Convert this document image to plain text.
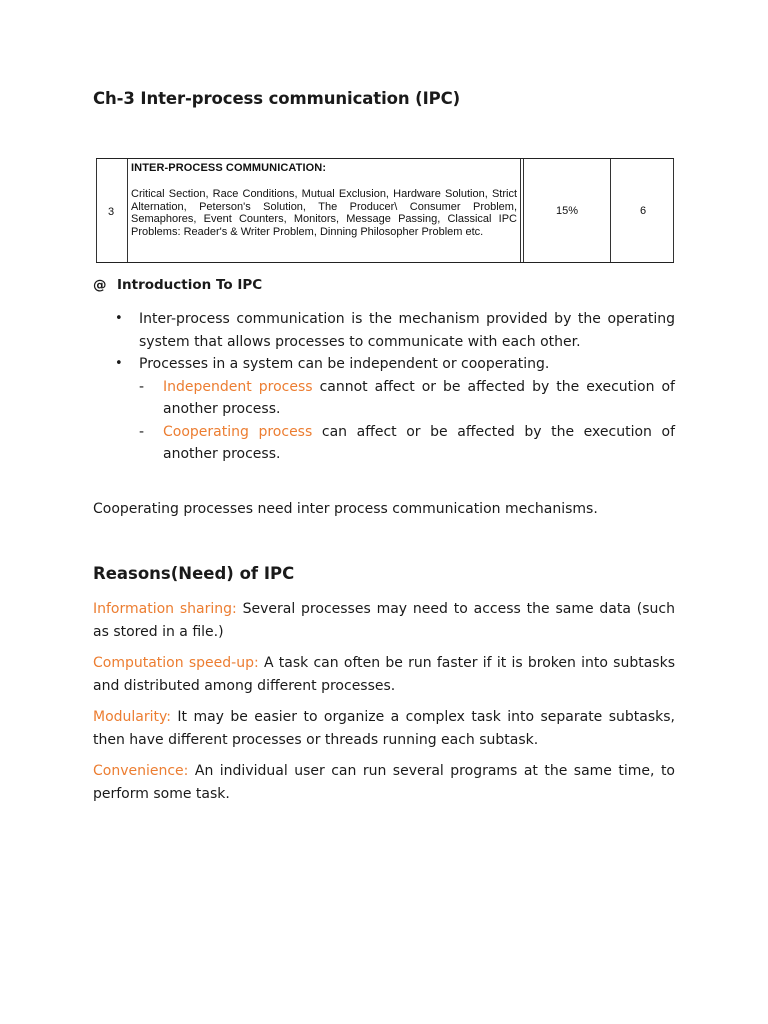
Ch-3 Inter-process communication (IPC)
3
INTER-PROCESS COMMUNICATION:
Critical Section, Race Conditions, Mutual Exclusion, Hardware Solution, Strict Alternation, Peterson's Solution, The Producer\ Consumer Problem, Semaphores, Event Counters, Monitors, Message Passing, Classical IPC Problems: Reader's & Writer Problem, Dinning Philosopher Problem etc.
15%	6
@ Introduction To IPC
• Inter-process communication is the mechanism provided by the operating system that allows processes to communicate with each other.
• Processes in a system can be independent or cooperating.
- Independent process cannot affect or be affected by the execution of another process.
- Cooperating process can affect or be affected by the execution of another process.

Cooperating processes need inter process communication mechanisms.

Reasons(Need) of IPC

Information sharing: Several processes may need to access the same data (such as stored in a file.)

Computation speed-up: A task can often be run faster if it is broken into subtasks and distributed among different processes.

Modularity: It may be easier to organize a complex task into separate subtasks, then have different processes or threads running each subtask.

Convenience: An individual user can run several programs at the same time, to perform some task.
